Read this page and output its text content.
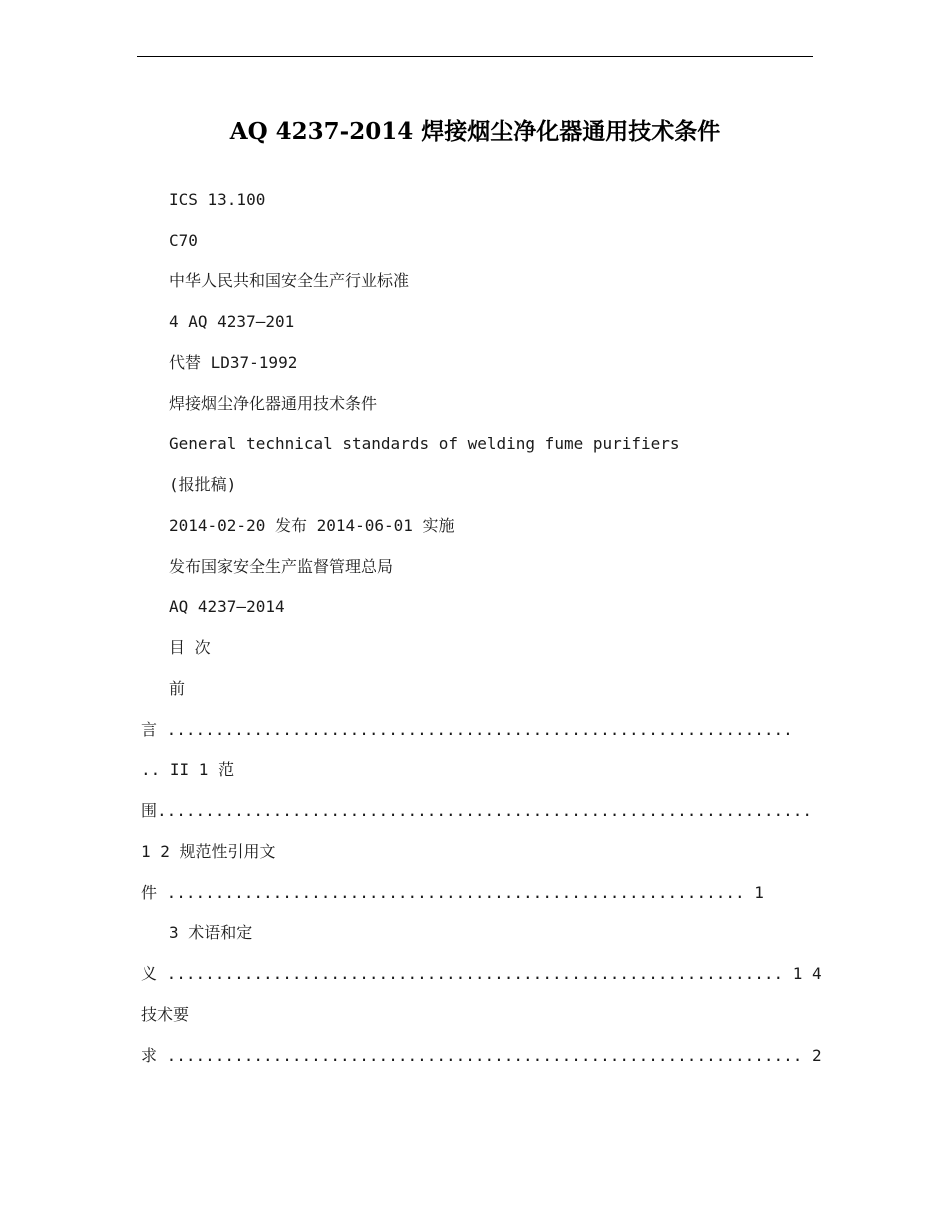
AQ 4237-2014 焊接烟尘净化器通用技术条件
ICS 13.100
C70
中华人民共和国安全生产行业标准
4 AQ 4237—201
代替 LD37-1992
焊接烟尘净化器通用技术条件
General technical standards of welding fume purifiers
(报批稿)
2014-02-20 发布 2014-06-01 实施
发布国家安全生产监督管理总局
AQ 4237—2014
目 次
前
言 .................................................................
.. II 1 范
围....................................................................
1 2 规范性引用文
件 ............................................................ 1
3 术语和定
义 ................................................................ 1 4
技术要
求 .................................................................. 2
